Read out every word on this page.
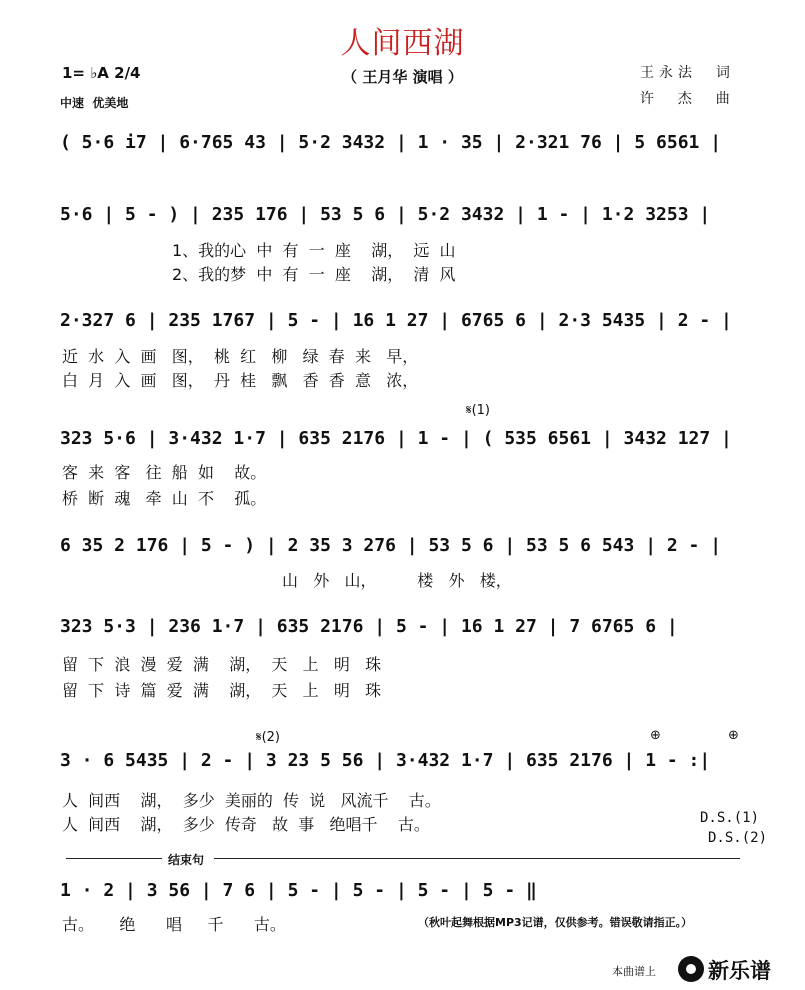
人间西湖
（ 王月华 演唱 ）	王永法  词
许  杰  曲
1= ♭A 2/4
中速  优美地
( 5·6 i7 | 6·765 43 | 5·2 3432 | 1 · 35 | 2·321 76 | 5 6561 |
5·6 | 5 - ) | 235 176 | 53 5 6 | 5·2 3432 | 1 - | 1·2 3253 |
1、我的心  中  有  一  座    湖，  远  山
2、我的梦  中  有  一  座    湖，  清  风
2·327 6 | 235 1767 | 5 - | 16 1 27 | 6765 6 | 2·3 5435 | 2 - |
近  水  入  画   图，  桃  红   柳   绿  春  来   早，
白  月  入  画   图，  丹  桂   飘   香  香  意   浓，
𝄋(1)
323 5·6 | 3·432 1·7 | 635 2176 | 1 - | ( 535 6561 | 3432 127 |
客  来  客   往  船  如    故。
桥  断  魂   牵  山  不    孤。
6 35 2 176 | 5 - ) | 2 35 3 276 | 53 5 6 | 53 5 6 543 | 2 - |
山   外   山，        楼   外   楼，
323 5·3 | 236 1·7 | 635 2176 | 5 - | 16 1 27 | 7 6765 6 |
留  下  浪  漫  爱  满    湖，  天   上   明   珠
留  下  诗  篇  爱  满    湖，  天   上   明   珠
𝄋(2)	⊕	⊕
3 · 6 5435 | 2 - | 3 23 5 56 | 3·432 1·7 | 635 2176 | 1 - :|
人  间西    湖，  多少  美丽的  传  说   风流千    古。
人  间西    湖，  多少  传奇   故  事   绝唱千    古。	D.S.(1)
D.S.(2)
结束句
1 · 2 | 3 56 | 7 6 | 5 - | 5 - | 5 - | 5 - ‖
古。     绝      唱     千      古。	（秋叶起舞根据MP3记谱，仅供参考。错误敬请指正。）
本曲谱上 新乐谱
